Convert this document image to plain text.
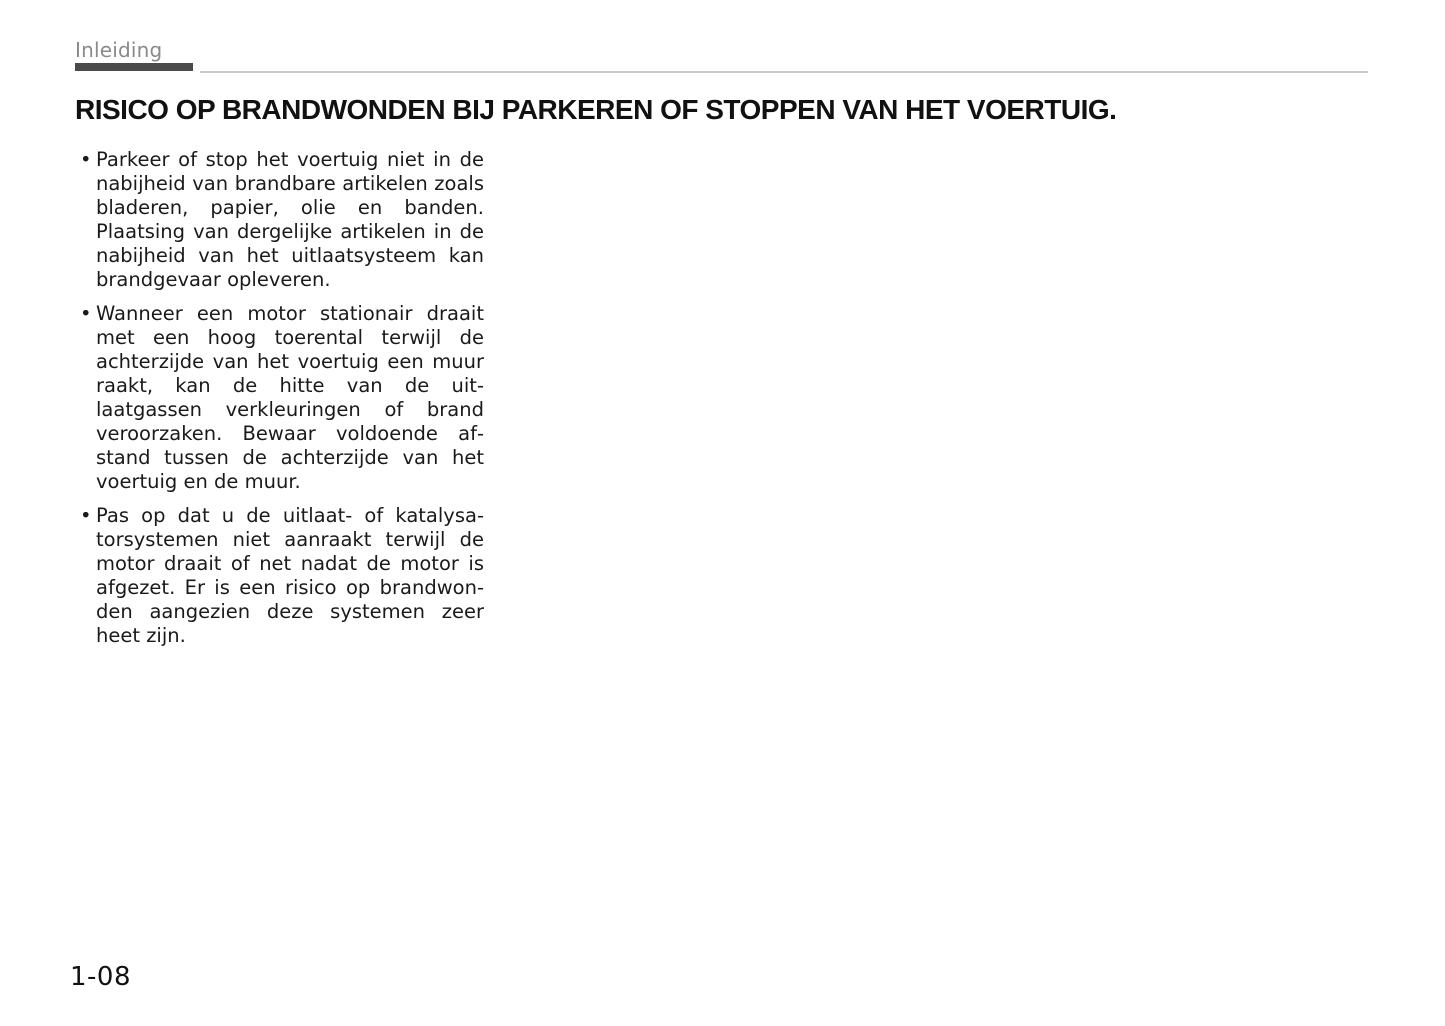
Inleiding
RISICO OP BRANDWONDEN BIJ PARKEREN OF STOPPEN VAN HET VOERTUIG.
• Parkeer of stop het voertuig niet in de nabijheid van brandbare artikelen zoals bladeren, papier, olie en banden. Plaatsing van dergelijke artikelen in de nabijheid van het uitlaatsysteem kan brandgevaar opleveren.
• Wanneer een motor stationair draait met een hoog toerental terwijl de achterzijde van het voertuig een muur raakt, kan de hitte van de uitlaatgassen verkleuringen of brand veroorzaken. Bewaar voldoende afstand tussen de achterzijde van het voertuig en de muur.
• Pas op dat u de uitlaat- of katalysatorsystemen niet aanraakt terwijl de motor draait of net nadat de motor is afgezet. Er is een risico op brandwonden aangezien deze systemen zeer heet zijn.
1-08
